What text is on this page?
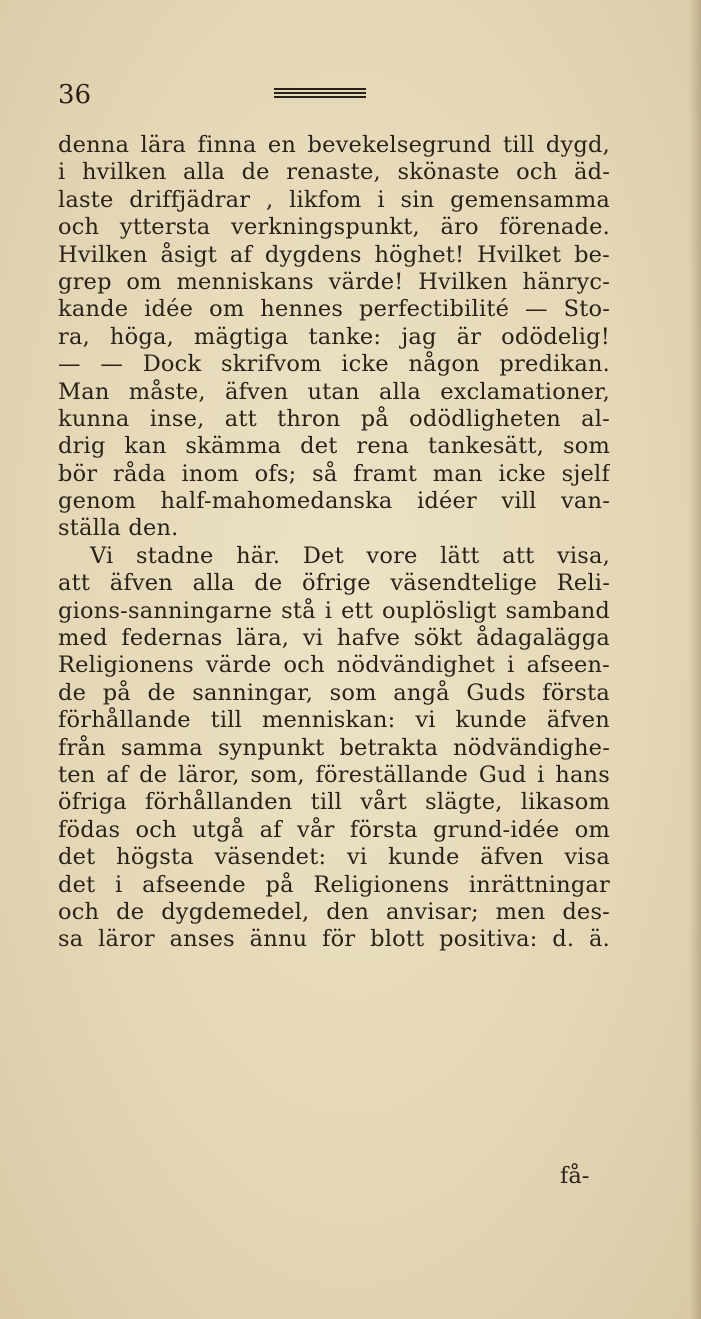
36
denna lära finna en bevekelsegrund till dygd,
i hvilken alla de renaste, skönaste och äd-
laste driffjädrar , likfom i sin gemensamma
och yttersta verkningspunkt, äro förenade.
Hvilken åsigt af dygdens höghet! Hvilket be-
grep om menniskans värde! Hvilken hänryc-
kande idée om hennes perfectibilité — Sto-
ra, höga, mägtiga tanke: jag är odödelig!
— — Dock skrifvom icke någon predikan.
Man måste, äfven utan alla exclamationer,
kunna inse, att thron på odödligheten al-
drig kan skämma det rena tankesätt, som
bör råda inom ofs; så framt man icke sjelf
genom half-mahomedanska idéer vill van-
ställa den.
Vi stadne här. Det vore lätt att visa,
att äfven alla de öfrige väsendtelige Reli-
gions-sanningarne stå i ett ouplösligt samband
med federnas lära, vi hafve sökt ådagalägga
Religionens värde och nödvändighet i afseen-
de på de sanningar, som angå Guds första
förhållande till menniskan: vi kunde äfven
från samma synpunkt betrakta nödvändighe-
ten af de läror, som, föreställande Gud i hans
öfriga förhållanden till vårt slägte, likasom
födas och utgå af vår första grund-idée om
det högsta väsendet: vi kunde äfven visa
det i afseende på Religionens inrättningar
och de dygdemedel, den anvisar; men des-
sa läror anses ännu för blott positiva: d. ä.
få-
